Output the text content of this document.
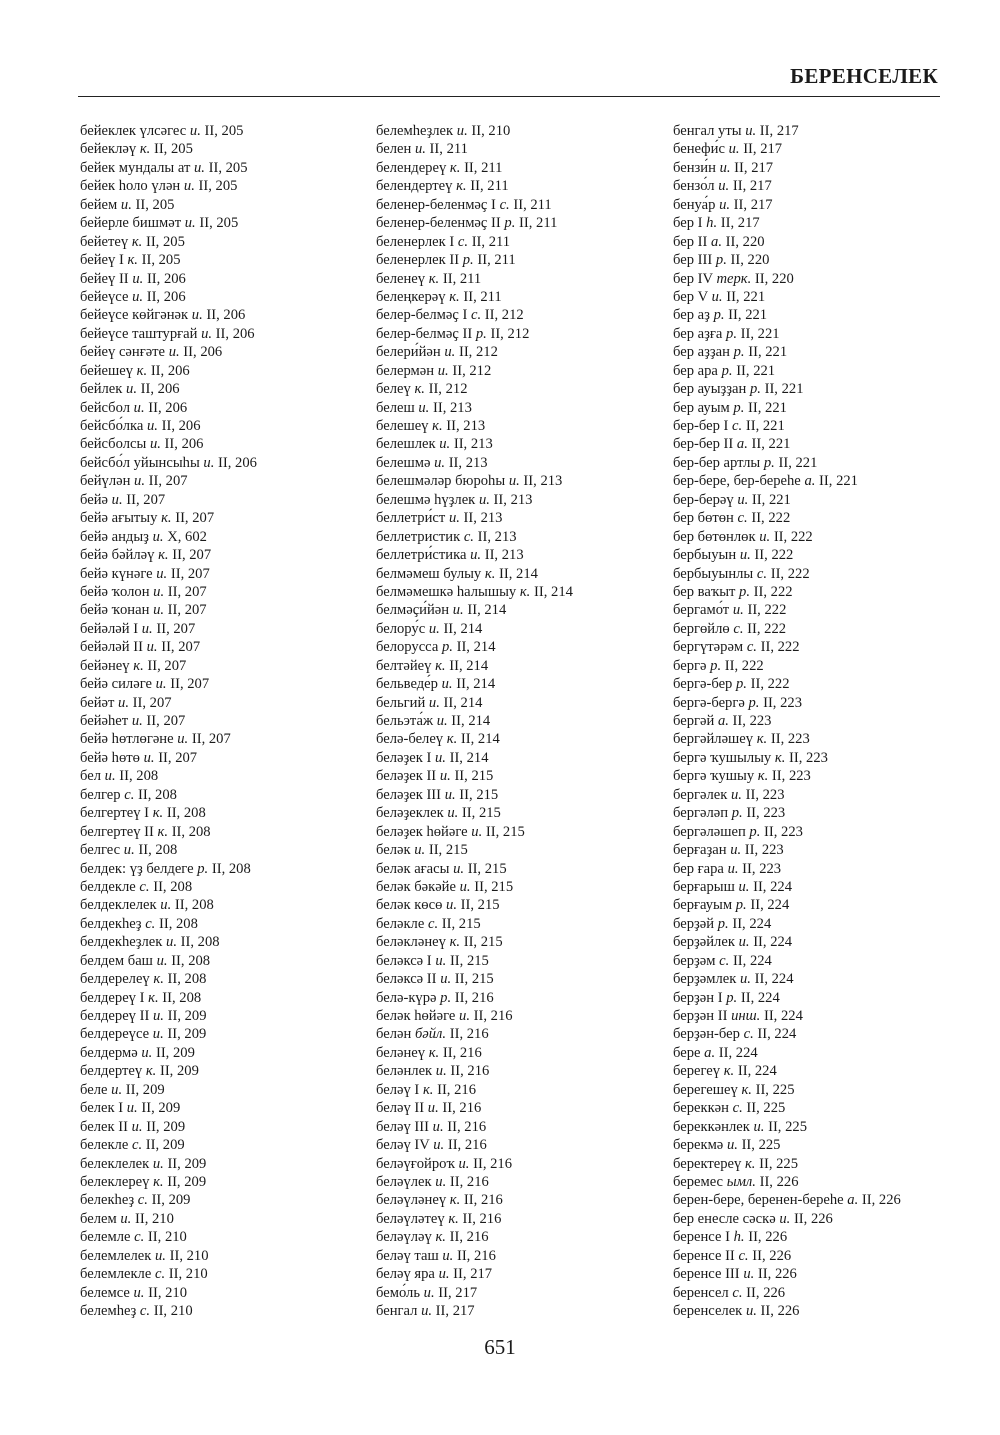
БЕРЕНСЕЛЕК
бейеклек үлсәгес и. II, 205
бейекләү к. II, 205
бейек мундалы ат и. II, 205
бейек һоло үлән и. II, 205
бейем и. II, 205
бейерле бишмәт и. II, 205
бейетеү к. II, 205
бейеү I к. II, 205
бейеү II и. II, 206
бейеүсе и. II, 206
бейеүсе көйгәнәк и. II, 206
бейеүсе таштурғай и. II, 206
бейеү сәнғәте и. II, 206
бейешеү к. II, 206
бейлек и. II, 206
бейсбол и. II, 206
бейсбо́лка и. II, 206
бейсболсы и. II, 206
бейсбо́л уйынсыһы и. II, 206
бейүлән и. II, 207
бейә и. II, 207
бейә ағытыу к. II, 207
бейә андыҙ и. X, 602
бейә бәйләү к. II, 207
бейә күнәге и. II, 207
бейә ҡолон и. II, 207
бейә ҡонан и. II, 207
бейәләй I и. II, 207
бейәләй II и. II, 207
бейәнеү к. II, 207
бейә силәге и. II, 207
бейәт и. II, 207
бейәһет и. II, 207
бейә һөтлөгәне и. II, 207
бейә һөтө и. II, 207
бел и. II, 208
белгер с. II, 208
белгертеү I к. II, 208
белгертеү II к. II, 208
белгес и. II, 208
белдек: үҙ белдеге р. II, 208
белдекле с. II, 208
белдеклелек и. II, 208
белдекһеҙ с. II, 208
белдекһеҙлек и. II, 208
белдем баш и. II, 208
белдерелеү к. II, 208
белдереү I к. II, 208
белдереү II и. II, 209
белдереүсе и. II, 209
белдермә и. II, 209
белдертеү к. II, 209
беле и. II, 209
белек I и. II, 209
белек II и. II, 209
белекле с. II, 209
белеклелек и. II, 209
белеклереү к. II, 209
белекһеҙ с. II, 209
белем и. II, 210
белемле с. II, 210
белемлелек и. II, 210
белемлекле с. II, 210
белемсе и. II, 210
белемһеҙ с. II, 210
белемһеҙлек и. II, 210
белен и. II, 211
белендереү к. II, 211
белендертеү к. II, 211
беленер-беленмәҫ I с. II, 211
беленер-беленмәҫ II р. II, 211
беленерлек I с. II, 211
беленерлек II р. II, 211
беленеү к. II, 211
белеңкерәү к. II, 211
белер-белмәҫ I с. II, 212
белер-белмәҫ II р. II, 212
белери́йән и. II, 212
белермән и. II, 212
белеү к. II, 212
белеш и. II, 213
белешеү к. II, 213
белешлек и. II, 213
белешмә и. II, 213
белешмәләр бюроһы и. II, 213
белешмә һүҙлек и. II, 213
беллетри́ст и. II, 213
беллетристик с. II, 213
беллетри́стика и. II, 213
белмәмеш булыу к. II, 214
белмәмешкә һалышыу к. II, 214
белмәҫи́йән и. II, 214
белору́с и. II, 214
белорусса р. II, 214
белтәйеү к. II, 214
бельведе́р и. II, 214
бельгий и. II, 214
бельэта́ж и. II, 214
белә-белеү к. II, 214
беләҙек I и. II, 214
беләҙек II и. II, 215
беләҙек III и. II, 215
беләҙеклек и. II, 215
беләҙек һөйәге и. II, 215
беләк и. II, 215
беләк ағасы и. II, 215
беләк бәкәйе и. II, 215
беләк көсө и. II, 215
беләкле с. II, 215
беләкләнеү к. II, 215
беләксә I и. II, 215
беләксә II и. II, 215
белә-күрә р. II, 216
беләк һөйәге и. II, 216
белән бәйл. II, 216
беләнеү к. II, 216
беләнлек и. II, 216
беләү I к. II, 216
беләү II и. II, 216
беләү III и. II, 216
беләү IV и. II, 216
беләүғойроҡ и. II, 216
беләүлек и. II, 216
беләүләнеү к. II, 216
беләүләтеү к. II, 216
беләүләү к. II, 216
беләү таш и. II, 216
беләү яра и. II, 217
бемо́ль и. II, 217
бенгал и. II, 217
бенгал уты и. II, 217
бенефи́с и. II, 217
бензи́н и. II, 217
бензо́л и. II, 217
бенуа́р и. II, 217
бер I һ. II, 217
бер II а. II, 220
бер III р. II, 220
бер IV терк. II, 220
бер V и. II, 221
бер аҙ р. II, 221
бер аҙға р. II, 221
бер аҙҙан р. II, 221
бер ара р. II, 221
бер ауыҙҙан р. II, 221
бер ауым р. II, 221
бер-бер I с. II, 221
бер-бер II а. II, 221
бер-бер артлы р. II, 221
бер-бере, бер-берeһе а. II, 221
бер-берәү и. II, 221
бер бөтөн с. II, 222
бер бөтөнлөк и. II, 222
бербыуын и. II, 222
бербыуынлы с. II, 222
бер ваҡыт р. II, 222
бергамо́т и. II, 222
бергөйлө с. II, 222
бергүтәрәм с. II, 222
бергә р. II, 222
бергә-бер р. II, 222
бергә-бергә р. II, 223
бергәй а. II, 223
бергәйләшеү к. II, 223
бергә ҡушылыу к. II, 223
бергә ҡушыу к. II, 223
бергәлек и. II, 223
бергәләп р. II, 223
бергәләшеп р. II, 223
берғаҙан и. II, 223
бер ғара и. II, 223
берғарыш и. II, 224
берғауым р. II, 224
берҙәй р. II, 224
берҙәйлек и. II, 224
берҙәм с. II, 224
берҙәмлек и. II, 224
берҙән I р. II, 224
берҙән II инш. II, 224
берҙән-бер с. II, 224
бере а. II, 224
берегеү к. II, 224
берегешеү к. II, 225
береккән с. II, 225
береккәнлек и. II, 225
берекмә и. II, 225
беректереү к. II, 225
беремес ымл. II, 226
берен-бере, беренен-берeһе а. II, 226
бер енесле сәскә и. II, 226
беренсе I һ. II, 226
беренсе II с. II, 226
беренсе III и. II, 226
беренсел с. II, 226
беренселек и. II, 226
651
